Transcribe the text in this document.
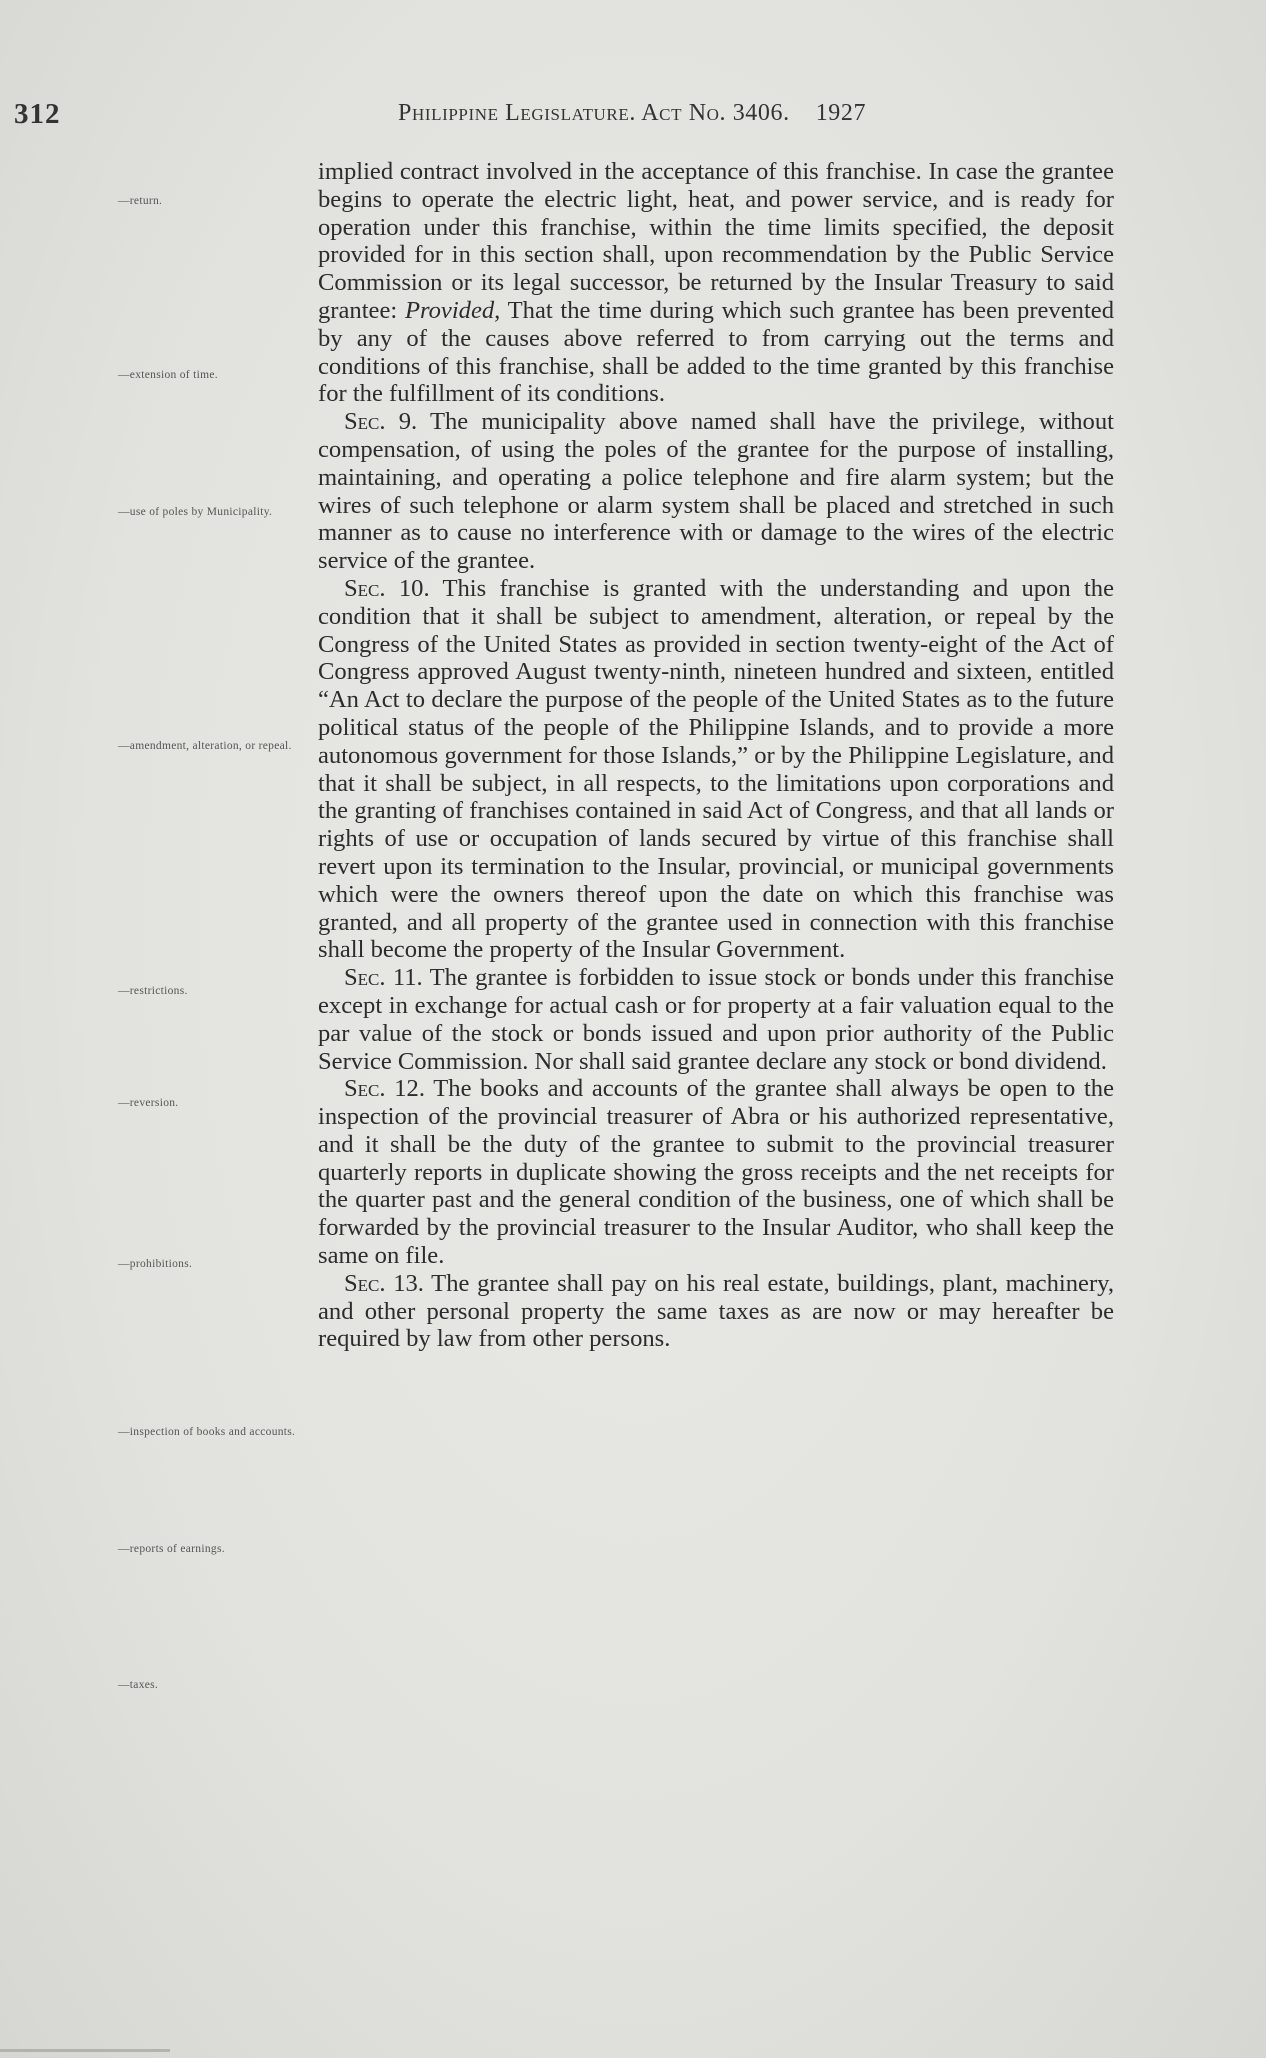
312	Philippine Legislature. Act No. 3406. 1927
—return.
—extension of time.
—use of poles by Municipality.
—amendment, alteration, or repeal.
—restrictions.
—reversion.
—prohibitions.
—inspection of books and accounts.
—reports of earnings.
—taxes.

implied contract involved in the acceptance of this franchise. In case the grantee begins to operate the electric light, heat, and power service, and is ready for operation under this franchise, within the time limits specified, the deposit provided for in this section shall, upon recommendation by the Public Service Commission or its legal successor, be returned by the Insular Treasury to said grantee: Provided, That the time during which such grantee has been prevented by any of the causes above referred to from carrying out the terms and conditions of this franchise, shall be added to the time granted by this franchise for the fulfillment of its conditions.

Sec. 9. The municipality above named shall have the privilege, without compensation, of using the poles of the grantee for the purpose of installing, maintaining, and operating a police telephone and fire alarm system; but the wires of such telephone or alarm system shall be placed and stretched in such manner as to cause no interference with or damage to the wires of the electric service of the grantee.

Sec. 10. This franchise is granted with the understanding and upon the condition that it shall be subject to amendment, alteration, or repeal by the Congress of the United States as provided in section twenty-eight of the Act of Congress approved August twenty-ninth, nineteen hundred and sixteen, entitled “An Act to declare the purpose of the people of the United States as to the future political status of the people of the Philippine Islands, and to provide a more autonomous government for those Islands,” or by the Philippine Legislature, and that it shall be subject, in all respects, to the limitations upon corporations and the granting of franchises contained in said Act of Congress, and that all lands or rights of use or occupation of lands secured by virtue of this franchise shall revert upon its termination to the Insular, provincial, or municipal governments which were the owners thereof upon the date on which this franchise was granted, and all property of the grantee used in connection with this franchise shall become the property of the Insular Government.

Sec. 11. The grantee is forbidden to issue stock or bonds under this franchise except in exchange for actual cash or for property at a fair valuation equal to the par value of the stock or bonds issued and upon prior authority of the Public Service Commission. Nor shall said grantee declare any stock or bond dividend.

Sec. 12. The books and accounts of the grantee shall always be open to the inspection of the provincial treasurer of Abra or his authorized representative, and it shall be the duty of the grantee to submit to the provincial treasurer quarterly reports in duplicate showing the gross receipts and the net receipts for the quarter past and the general condition of the business, one of which shall be forwarded by the provincial treasurer to the Insular Auditor, who shall keep the same on file.

Sec. 13. The grantee shall pay on his real estate, buildings, plant, machinery, and other personal property the same taxes as are now or may hereafter be required by law from other persons.
